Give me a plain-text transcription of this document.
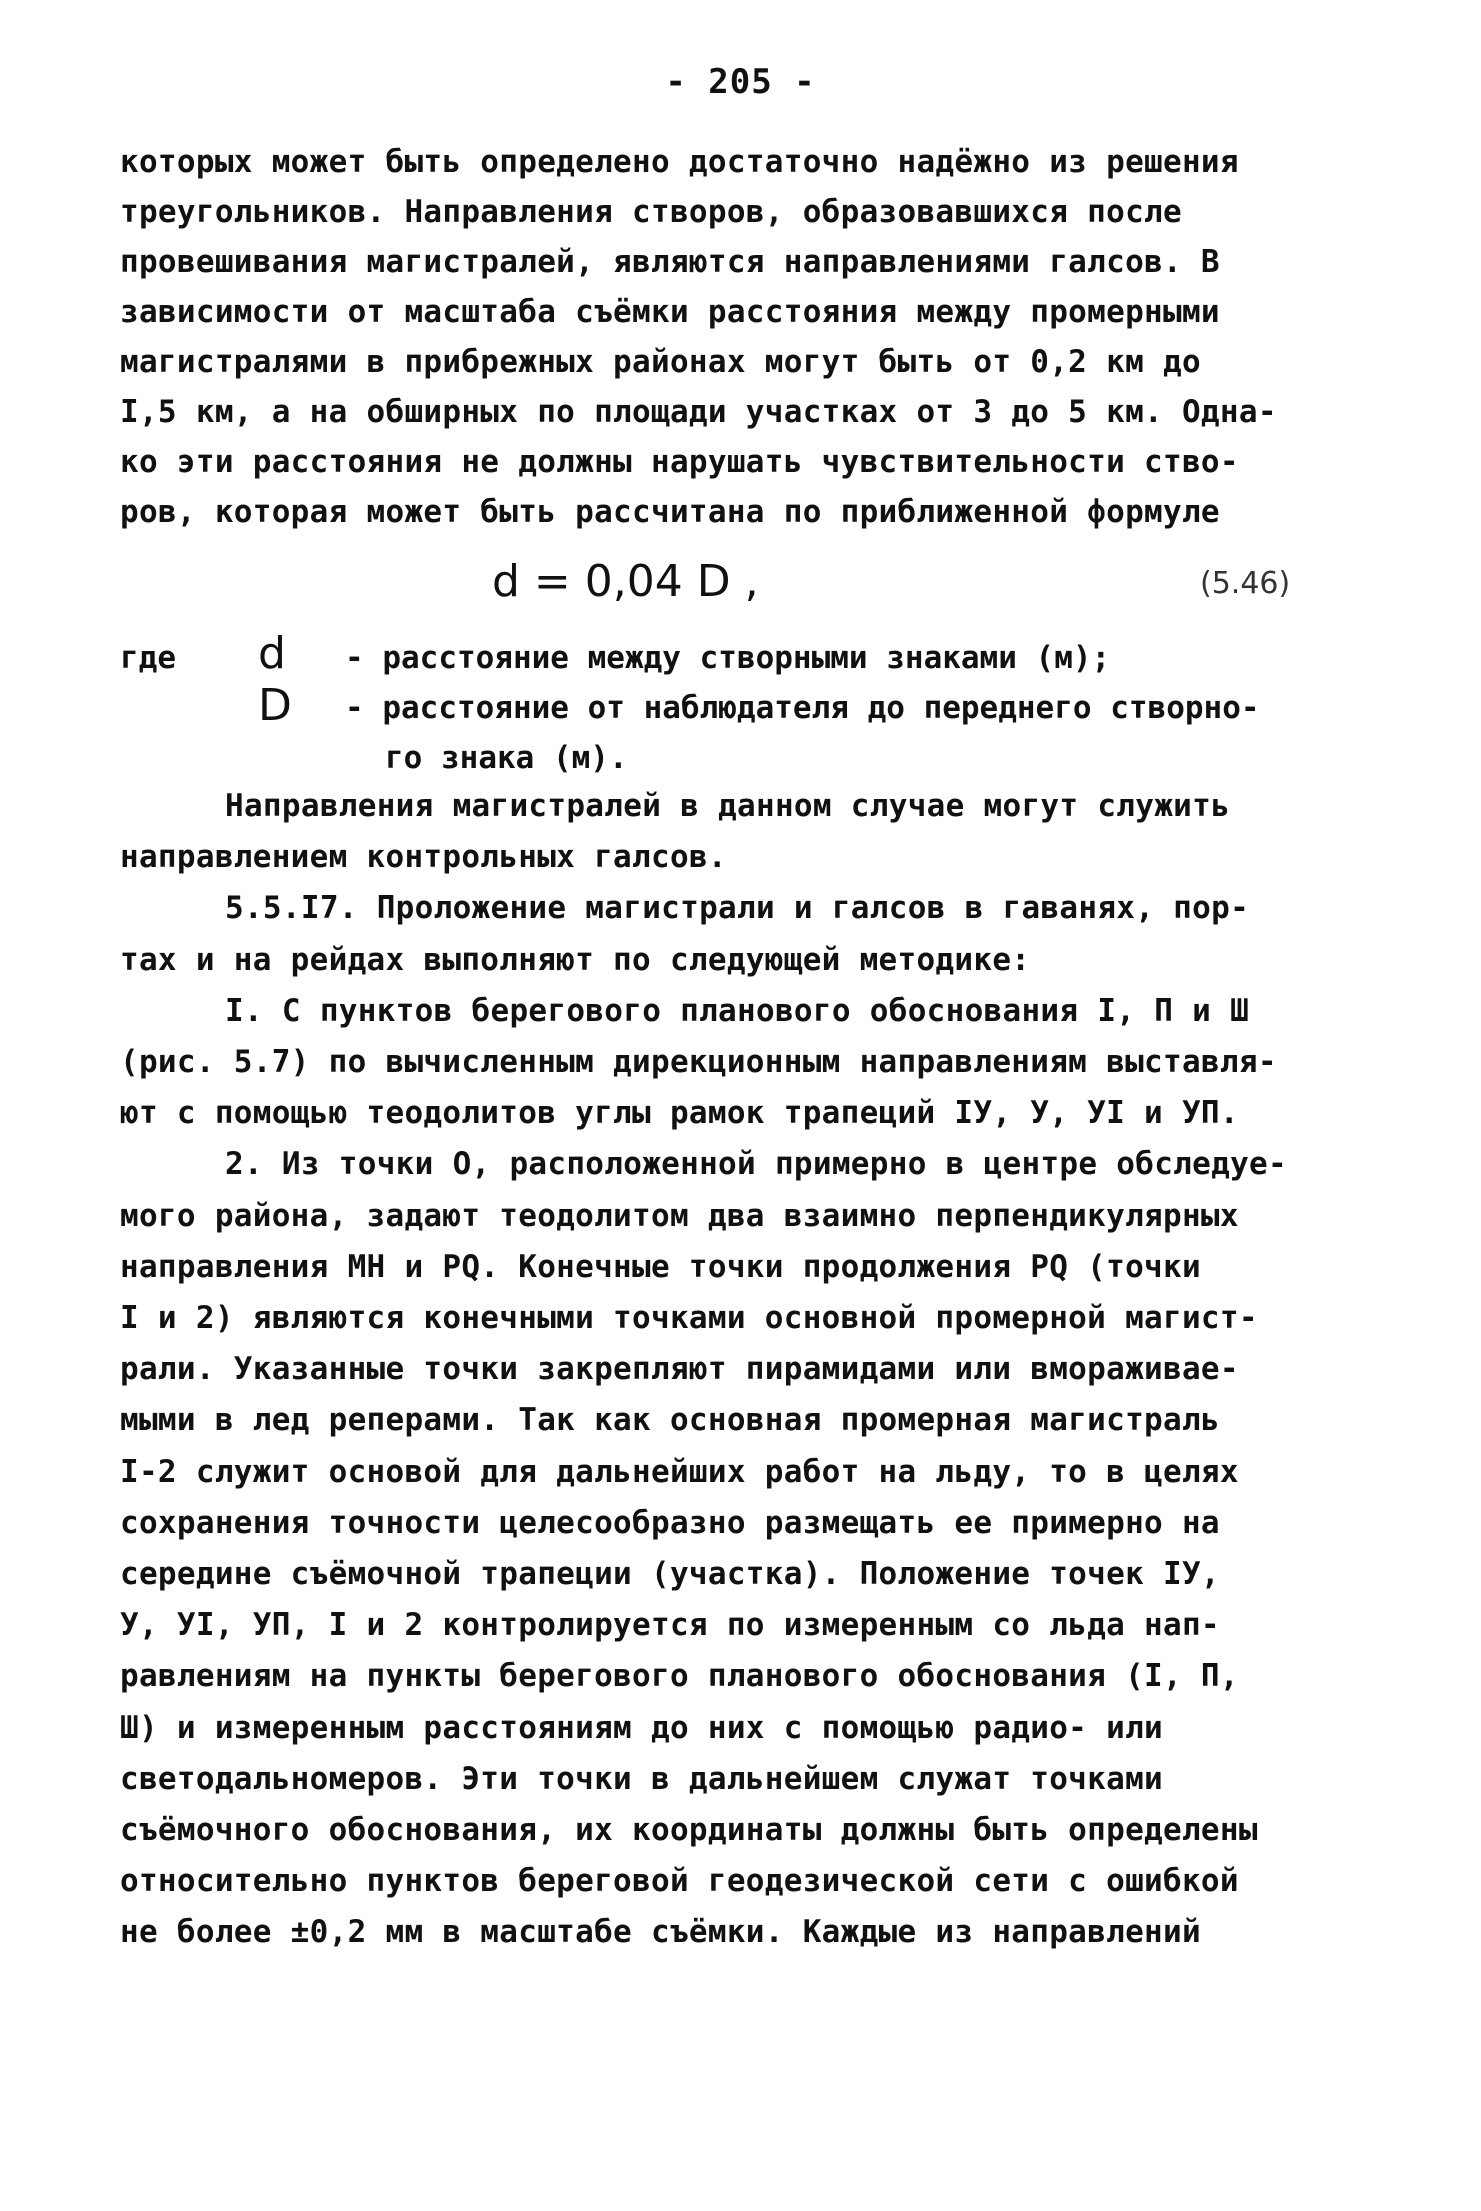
- 205 -
которых может быть определено достаточно надёжно из решения
треугольников. Направления створов, образовавшихся после
провешивания магистралей, являются направлениями галсов. В
зависимости от масштаба съёмки расстояния между промерными
магистралями в прибрежных районах могут быть от 0,2 км до
I,5 км, а на обширных по площади участках от 3 до 5 км. Одна-
ко эти расстояния не должны нарушать чувствительности ство-
ров, которая может быть рассчитана по приближенной формуле
d = 0,04 D ,	(5.46)
где d - расстояние между створными знаками (м);
D - расстояние от наблюдателя до переднего створно-
го знака (м).
Направления магистралей в данном случае могут служить
направлением контрольных галсов.
5.5.I7. Проложение магистрали и галсов в гаванях, пор-
тах и на рейдах выполняют по следующей методике:
I. С пунктов берегового планового обоснования I, П и Ш
(рис. 5.7) по вычисленным дирекционным направлениям выставля-
ют с помощью теодолитов углы рамок трапеций IУ, У, УI и УП.
2. Из точки О, расположенной примерно в центре обследуе-
мого района, задают теодолитом два взаимно перпендикулярных
направления МН и PQ. Конечные точки продолжения PQ (точки
I и 2) являются конечными точками основной промерной магист-
рали. Указанные точки закрепляют пирамидами или вмораживае-
мыми в лед реперами. Так как основная промерная магистраль
I-2 служит основой для дальнейших работ на льду, то в целях
сохранения точности целесообразно размещать ее примерно на
середине съёмочной трапеции (участка). Положение точек IУ,
У, УI, УП, I и 2 контролируется по измеренным со льда нап-
равлениям на пункты берегового планового обоснования (I, П,
Ш) и измеренным расстояниям до них с помощью радио- или
светодальномеров. Эти точки в дальнейшем служат точками
съёмочного обоснования, их координаты должны быть определены
относительно пунктов береговой геодезической сети с ошибкой
не более ±0,2 мм в масштабе съёмки. Каждые из направлений
